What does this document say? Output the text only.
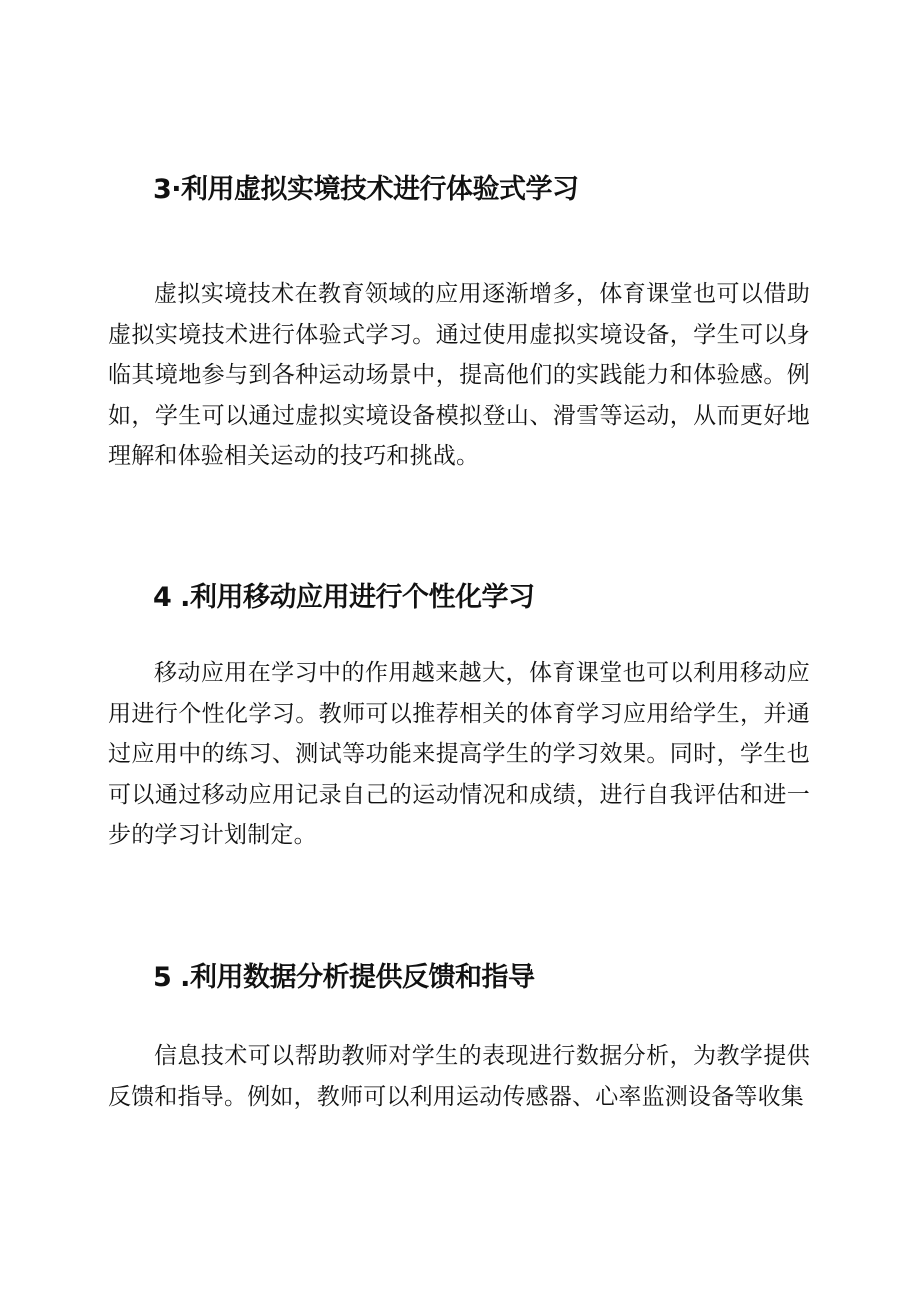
3·利用虚拟实境技术进行体验式学习
虚拟实境技术在教育领域的应用逐渐增多，体育课堂也可以借助虚拟实境技术进行体验式学习。通过使用虚拟实境设备，学生可以身临其境地参与到各种运动场景中，提高他们的实践能力和体验感。例如，学生可以通过虚拟实境设备模拟登山、滑雪等运动，从而更好地理解和体验相关运动的技巧和挑战。
4 .利用移动应用进行个性化学习
移动应用在学习中的作用越来越大，体育课堂也可以利用移动应用进行个性化学习。教师可以推荐相关的体育学习应用给学生，并通过应用中的练习、测试等功能来提高学生的学习效果。同时，学生也可以通过移动应用记录自己的运动情况和成绩，进行自我评估和进一步的学习计划制定。
5 .利用数据分析提供反馈和指导
信息技术可以帮助教师对学生的表现进行数据分析，为教学提供反馈和指导。例如，教师可以利用运动传感器、心率监测设备等收集
